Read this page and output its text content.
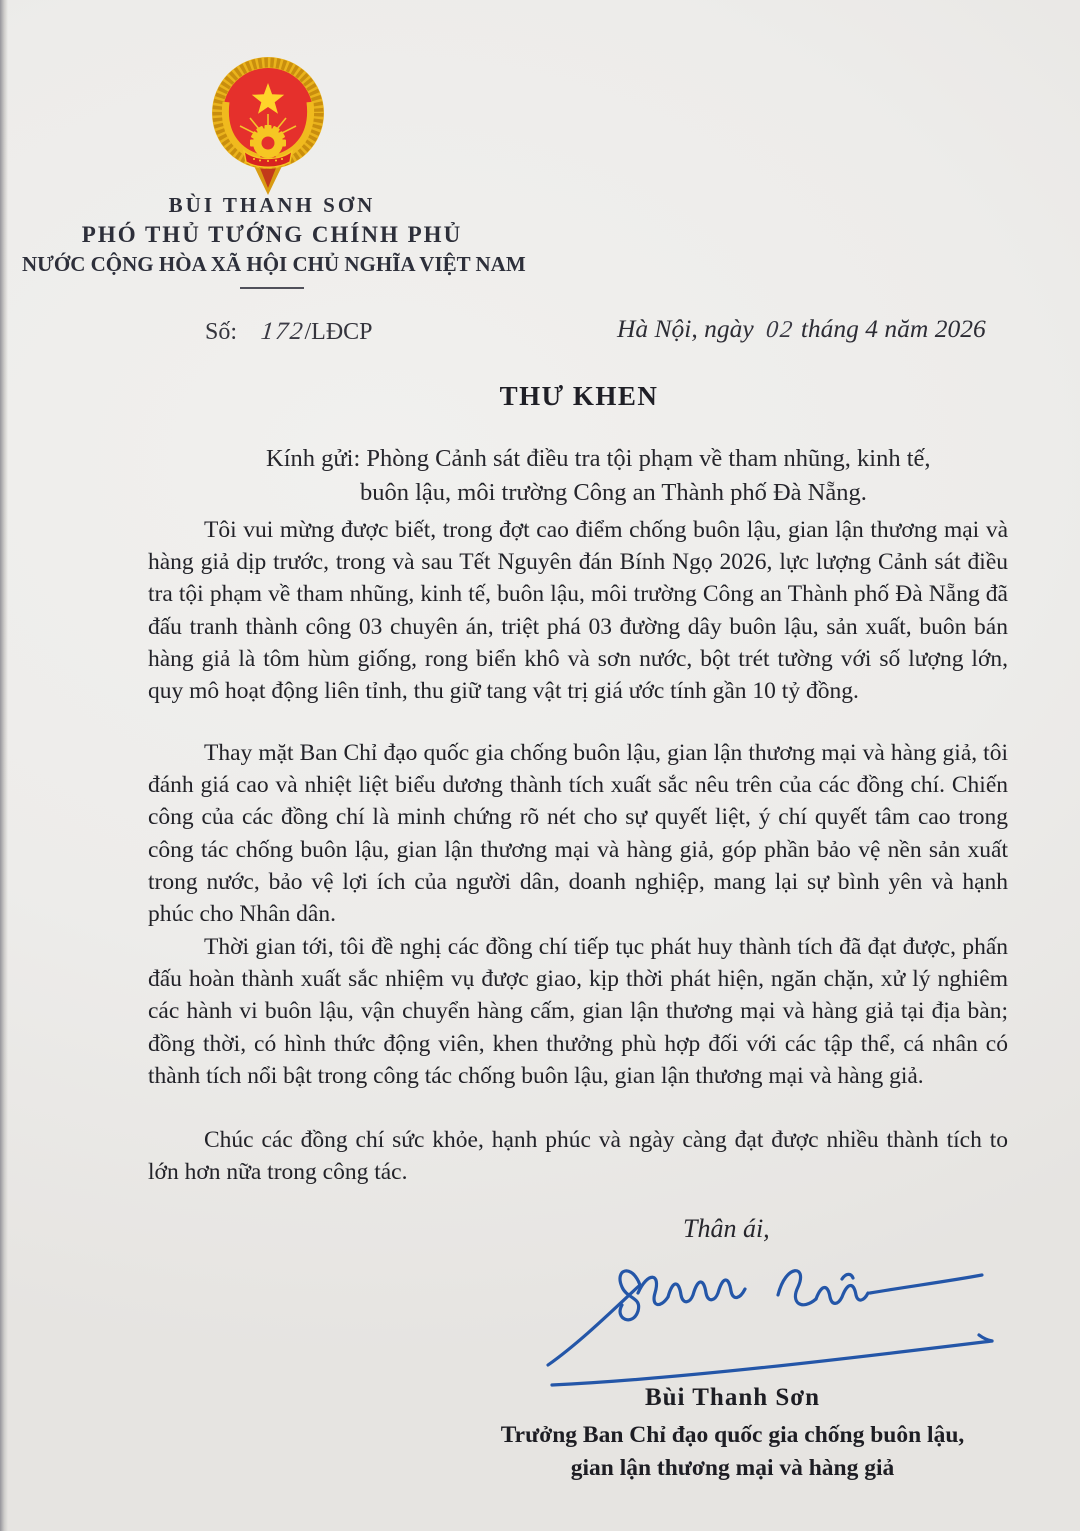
BÙI THANH SƠN
PHÓ THỦ TƯỚNG CHÍNH PHỦ
NƯỚC CỘNG HÒA XÃ HỘI CHỦ NGHĨA VIỆT NAM
Số: 172/LĐCP	Hà Nội, ngày 02 tháng 4 năm 2026
THƯ KHEN
Kính gửi: Phòng Cảnh sát điều tra tội phạm về tham nhũng, kinh tế,
buôn lậu, môi trường Công an Thành phố Đà Nẵng.
Tôi vui mừng được biết, trong đợt cao điểm chống buôn lậu, gian lận thương mại và hàng giả dịp trước, trong và sau Tết Nguyên đán Bính Ngọ 2026, lực lượng Cảnh sát điều tra tội phạm về tham nhũng, kinh tế, buôn lậu, môi trường Công an Thành phố Đà Nẵng đã đấu tranh thành công 03 chuyên án, triệt phá 03 đường dây buôn lậu, sản xuất, buôn bán hàng giả là tôm hùm giống, rong biển khô và sơn nước, bột trét tường với số lượng lớn, quy mô hoạt động liên tỉnh, thu giữ tang vật trị giá ước tính gần 10 tỷ đồng.
Thay mặt Ban Chỉ đạo quốc gia chống buôn lậu, gian lận thương mại và hàng giả, tôi đánh giá cao và nhiệt liệt biểu dương thành tích xuất sắc nêu trên của các đồng chí. Chiến công của các đồng chí là minh chứng rõ nét cho sự quyết liệt, ý chí quyết tâm cao trong công tác chống buôn lậu, gian lận thương mại và hàng giả, góp phần bảo vệ nền sản xuất trong nước, bảo vệ lợi ích của người dân, doanh nghiệp, mang lại sự bình yên và hạnh phúc cho Nhân dân.
Thời gian tới, tôi đề nghị các đồng chí tiếp tục phát huy thành tích đã đạt được, phấn đấu hoàn thành xuất sắc nhiệm vụ được giao, kịp thời phát hiện, ngăn chặn, xử lý nghiêm các hành vi buôn lậu, vận chuyển hàng cấm, gian lận thương mại và hàng giả tại địa bàn; đồng thời, có hình thức động viên, khen thưởng phù hợp đối với các tập thể, cá nhân có thành tích nổi bật trong công tác chống buôn lậu, gian lận thương mại và hàng giả.
Chúc các đồng chí sức khỏe, hạnh phúc và ngày càng đạt được nhiều thành tích to lớn hơn nữa trong công tác.
Thân ái,
Bùi Thanh Sơn
Trưởng Ban Chỉ đạo quốc gia chống buôn lậu,
gian lận thương mại và hàng giả
